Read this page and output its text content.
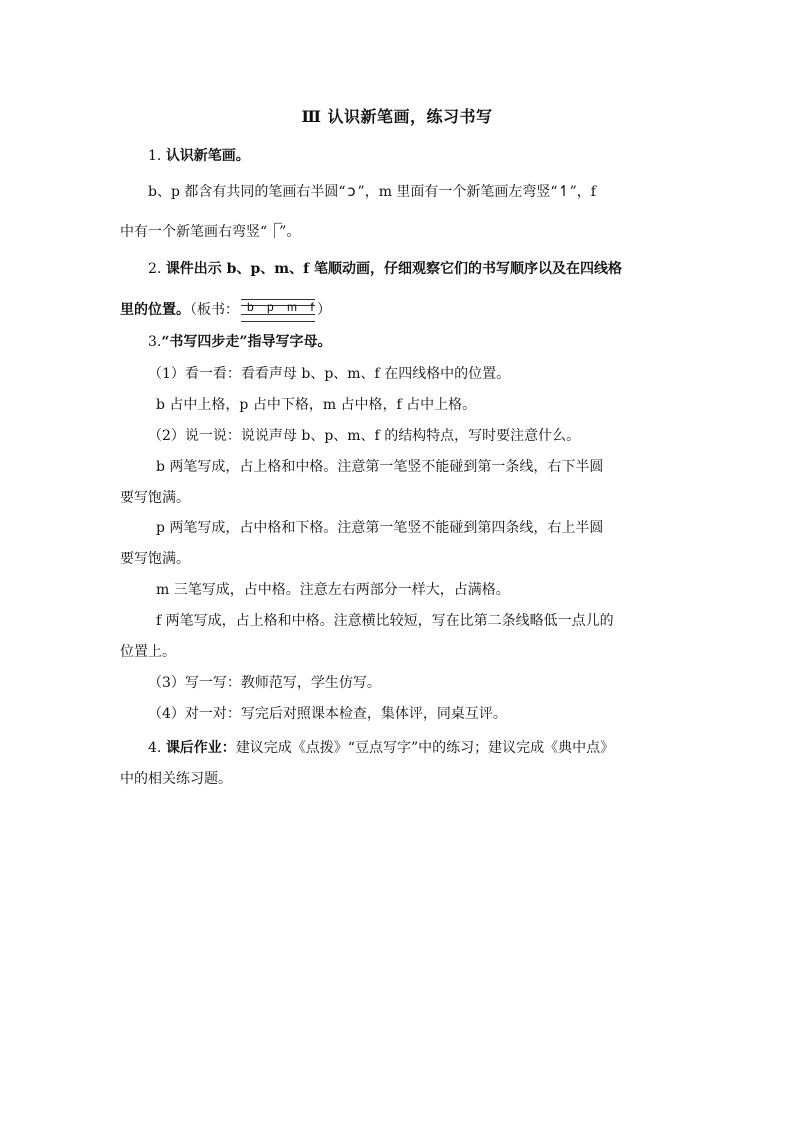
Ⅲ 认识新笔画，练习书写
1. 认识新笔画。
b、p 都含有共同的笔画右半圆“ ↄ ”，m 里面有一个新笔画左弯竖“↿”，f
中有一个新笔画右弯竖“⎾”。
2. 课件出示 b、p、m、f 笔顺动画，仔细观察它们的书写顺序以及在四线格
里的位置。（板书： b p m f
）
3.“书写四步走”指导写字母。
（1）看一看：看看声母 b、p、m、f 在四线格中的位置。
b 占中上格，p 占中下格，m 占中格，f 占中上格。
（2）说一说：说说声母 b、p、m、f 的结构特点，写时要注意什么。
b 两笔写成，占上格和中格。注意第一笔竖不能碰到第一条线，右下半圆
要写饱满。
p 两笔写成，占中格和下格。注意第一笔竖不能碰到第四条线，右上半圆
要写饱满。
m 三笔写成，占中格。注意左右两部分一样大，占满格。
f 两笔写成，占上格和中格。注意横比较短，写在比第二条线略低一点儿的
位置上。
（3）写一写：教师范写，学生仿写。
（4）对一对：写完后对照课本检查，集体评，同桌互评。
4. 课后作业：建议完成《点拨》“豆点写字”中的练习；建议完成《典中点》
中的相关练习题。
